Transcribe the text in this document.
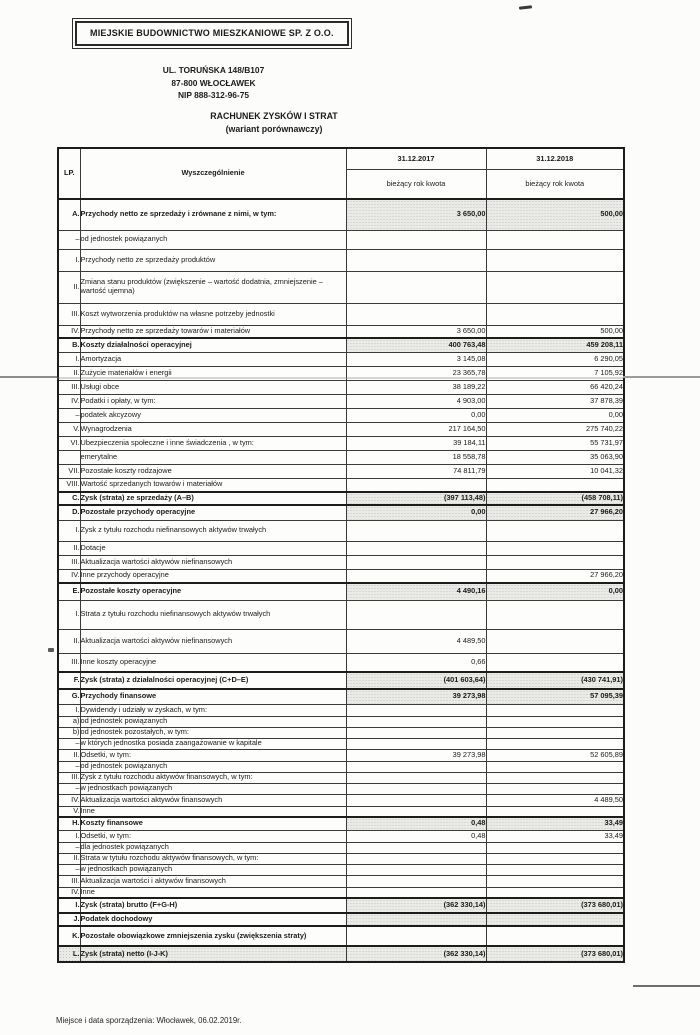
MIEJSKIE BUDOWNICTWO MIESZKANIOWE SP. Z O.O.
UL. TORUŃSKA 148/B107
87-800 WŁOCŁAWEK
NIP 888-312-96-75
RACHUNEK ZYSKÓW I STRAT
(wariant porównawczy)
LP.	Wyszczególnienie	31.12.2017	31.12.2018
		bieżący rok kwota	bieżący rok kwota
A.	Przychody netto ze sprzedaży i zrównane z nimi, w tym:	3 650,00	500,00
–	od jednostek powiązanych		
I.	Przychody netto ze sprzedaży produktów		
II.	Zmiana stanu produktów (zwiększenie – wartość dodatnia, zmniejszenie – wartość ujemna)		
III.	Koszt wytworzenia produktów na własne potrzeby jednostki		
IV.	Przychody netto ze sprzedaży towarów i materiałów	3 650,00	500,00
B.	Koszty działalności operacyjnej	400 763,48	459 208,11
I.	Amortyzacja	3 145,08	6 290,05
II.	Zużycie materiałów i energii	23 365,78	7 105,92
III.	Usługi obce	38 189,22	66 420,24
IV.	Podatki i opłaty, w tym:	4 903,00	37 878,39
–	podatek akcyzowy	0,00	0,00
V.	Wynagrodzenia	217 164,50	275 740,22
VI.	Ubezpieczenia społeczne i inne świadczenia , w tym:	39 184,11	55 731,97
	emerytalne	18 558,78	35 063,90
VII.	Pozostałe koszty rodzajowe	74 811,79	10 041,32
VIII.	Wartość sprzedanych towarów i materiałów		
C.	Zysk (strata) ze sprzedaży (A–B)	(397 113,48)	(458 708,11)
D.	Pozostałe przychody operacyjne	0,00	27 966,20
I.	Zysk z tytułu rozchodu niefinansowych aktywów trwałych		
II.	Dotacje		
III.	Aktualizacja wartości aktywów niefinansowych		
IV.	Inne przychody operacyjne		27 966,20
E.	Pozostałe koszty operacyjne	4 490,16	0,00
I.	Strata z tytułu rozchodu niefinansowych aktywów trwałych		
II.	Aktualizacja wartości aktywów niefinansowych	4 489,50	
III.	Inne koszty operacyjne	0,66	
F.	Zysk (strata) z działalności operacyjnej (C+D–E)	(401 603,64)	(430 741,91)
G.	Przychody finansowe	39 273,98	57 095,39
I.	Dywidendy i udziały w zyskach, w tym:		
a)	od jednostek powiązanych		
b)	od jednostek pozostałych, w tym:		
–	w których jednostka posiada zaangażowanie w kapitale		
II.	Odsetki, w tym:	39 273,98	52 605,89
–	od jednostek powiązanych		
III.	Zysk z tytułu rozchodu aktywów finansowych, w tym:		
–	w jednostkach powiązanych		
IV.	Aktualizacja wartości aktywów finansowych		4 489,50
V.	Inne		
H.	Koszty finansowe	0,48	33,49
I.	Odsetki, w tym:	0,48	33,49
–	dla jednostek powiązanych		
II.	Strata w tytułu rozchodu aktywów finansowych, w tym:		
–	w jednostkach powiązanych		
III.	Aktualizacja wartości i aktywów finansowych		
IV.	Inne		
I.	Zysk (strata) brutto (F+G-H)	(362 330,14)	(373 680,01)
J.	Podatek dochodowy		
K.	Pozostałe obowiązkowe zmniejszenia zysku (zwiększenia straty)		
L.	Zysk (strata) netto (I-J-K)	(362 330,14)	(373 680,01)
Miejsce i data sporządzenia: Włocławek, 06.02.2019r.
